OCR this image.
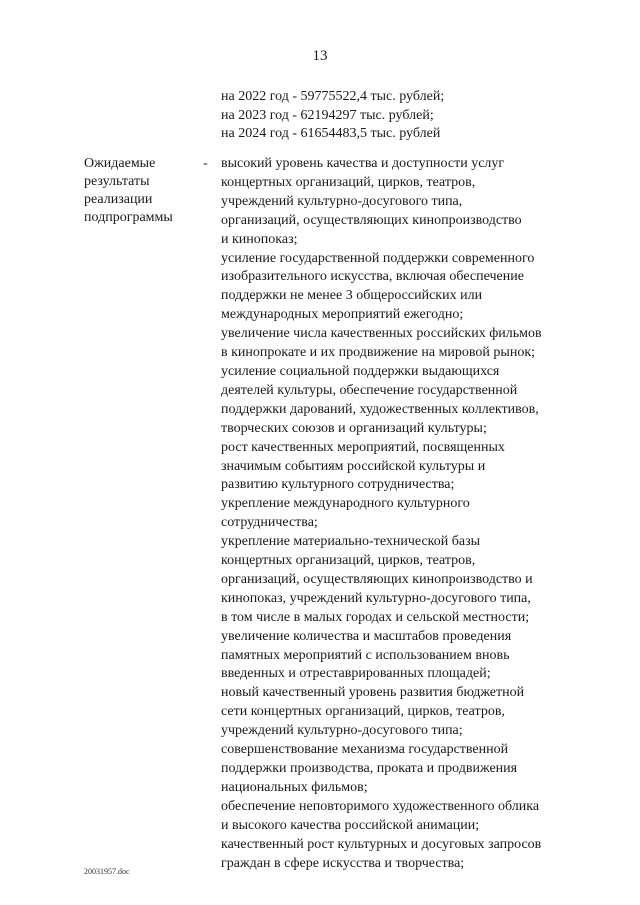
13
на 2022 год - 59775522,4 тыс. рублей;
на 2023 год - 62194297 тыс. рублей;
на 2024 год - 61654483,5 тыс. рублей
Ожидаемые
результаты
реализации
подпрограммы
- высокий уровень качества и доступности услуг
концертных организаций, цирков, театров,
учреждений культурно-досугового типа,
организаций, осуществляющих кинопроизводство
и кинопоказ;
усиление государственной поддержки современного
изобразительного искусства, включая обеспечение
поддержки не менее 3 общероссийских или
международных мероприятий ежегодно;
увеличение числа качественных российских фильмов
в кинопрокате и их продвижение на мировой рынок;
усиление социальной поддержки выдающихся
деятелей культуры, обеспечение государственной
поддержки дарований, художественных коллективов,
творческих союзов и организаций культуры;
рост качественных мероприятий, посвященных
значимым событиям российской культуры и
развитию культурного сотрудничества;
укрепление международного культурного
сотрудничества;
укрепление материально-технической базы
концертных организаций, цирков, театров,
организаций, осуществляющих кинопроизводство и
кинопоказ, учреждений культурно-досугового типа,
в том числе в малых городах и сельской местности;
увеличение количества и масштабов проведения
памятных мероприятий с использованием вновь
введенных и отреставрированных площадей;
новый качественный уровень развития бюджетной
сети концертных организаций, цирков, театров,
учреждений культурно-досугового типа;
совершенствование механизма государственной
поддержки производства, проката и продвижения
национальных фильмов;
обеспечение неповторимого художественного облика
и высокого качества российской анимации;
качественный рост культурных и досуговых запросов
граждан в сфере искусства и творчества;
20031957.doc
